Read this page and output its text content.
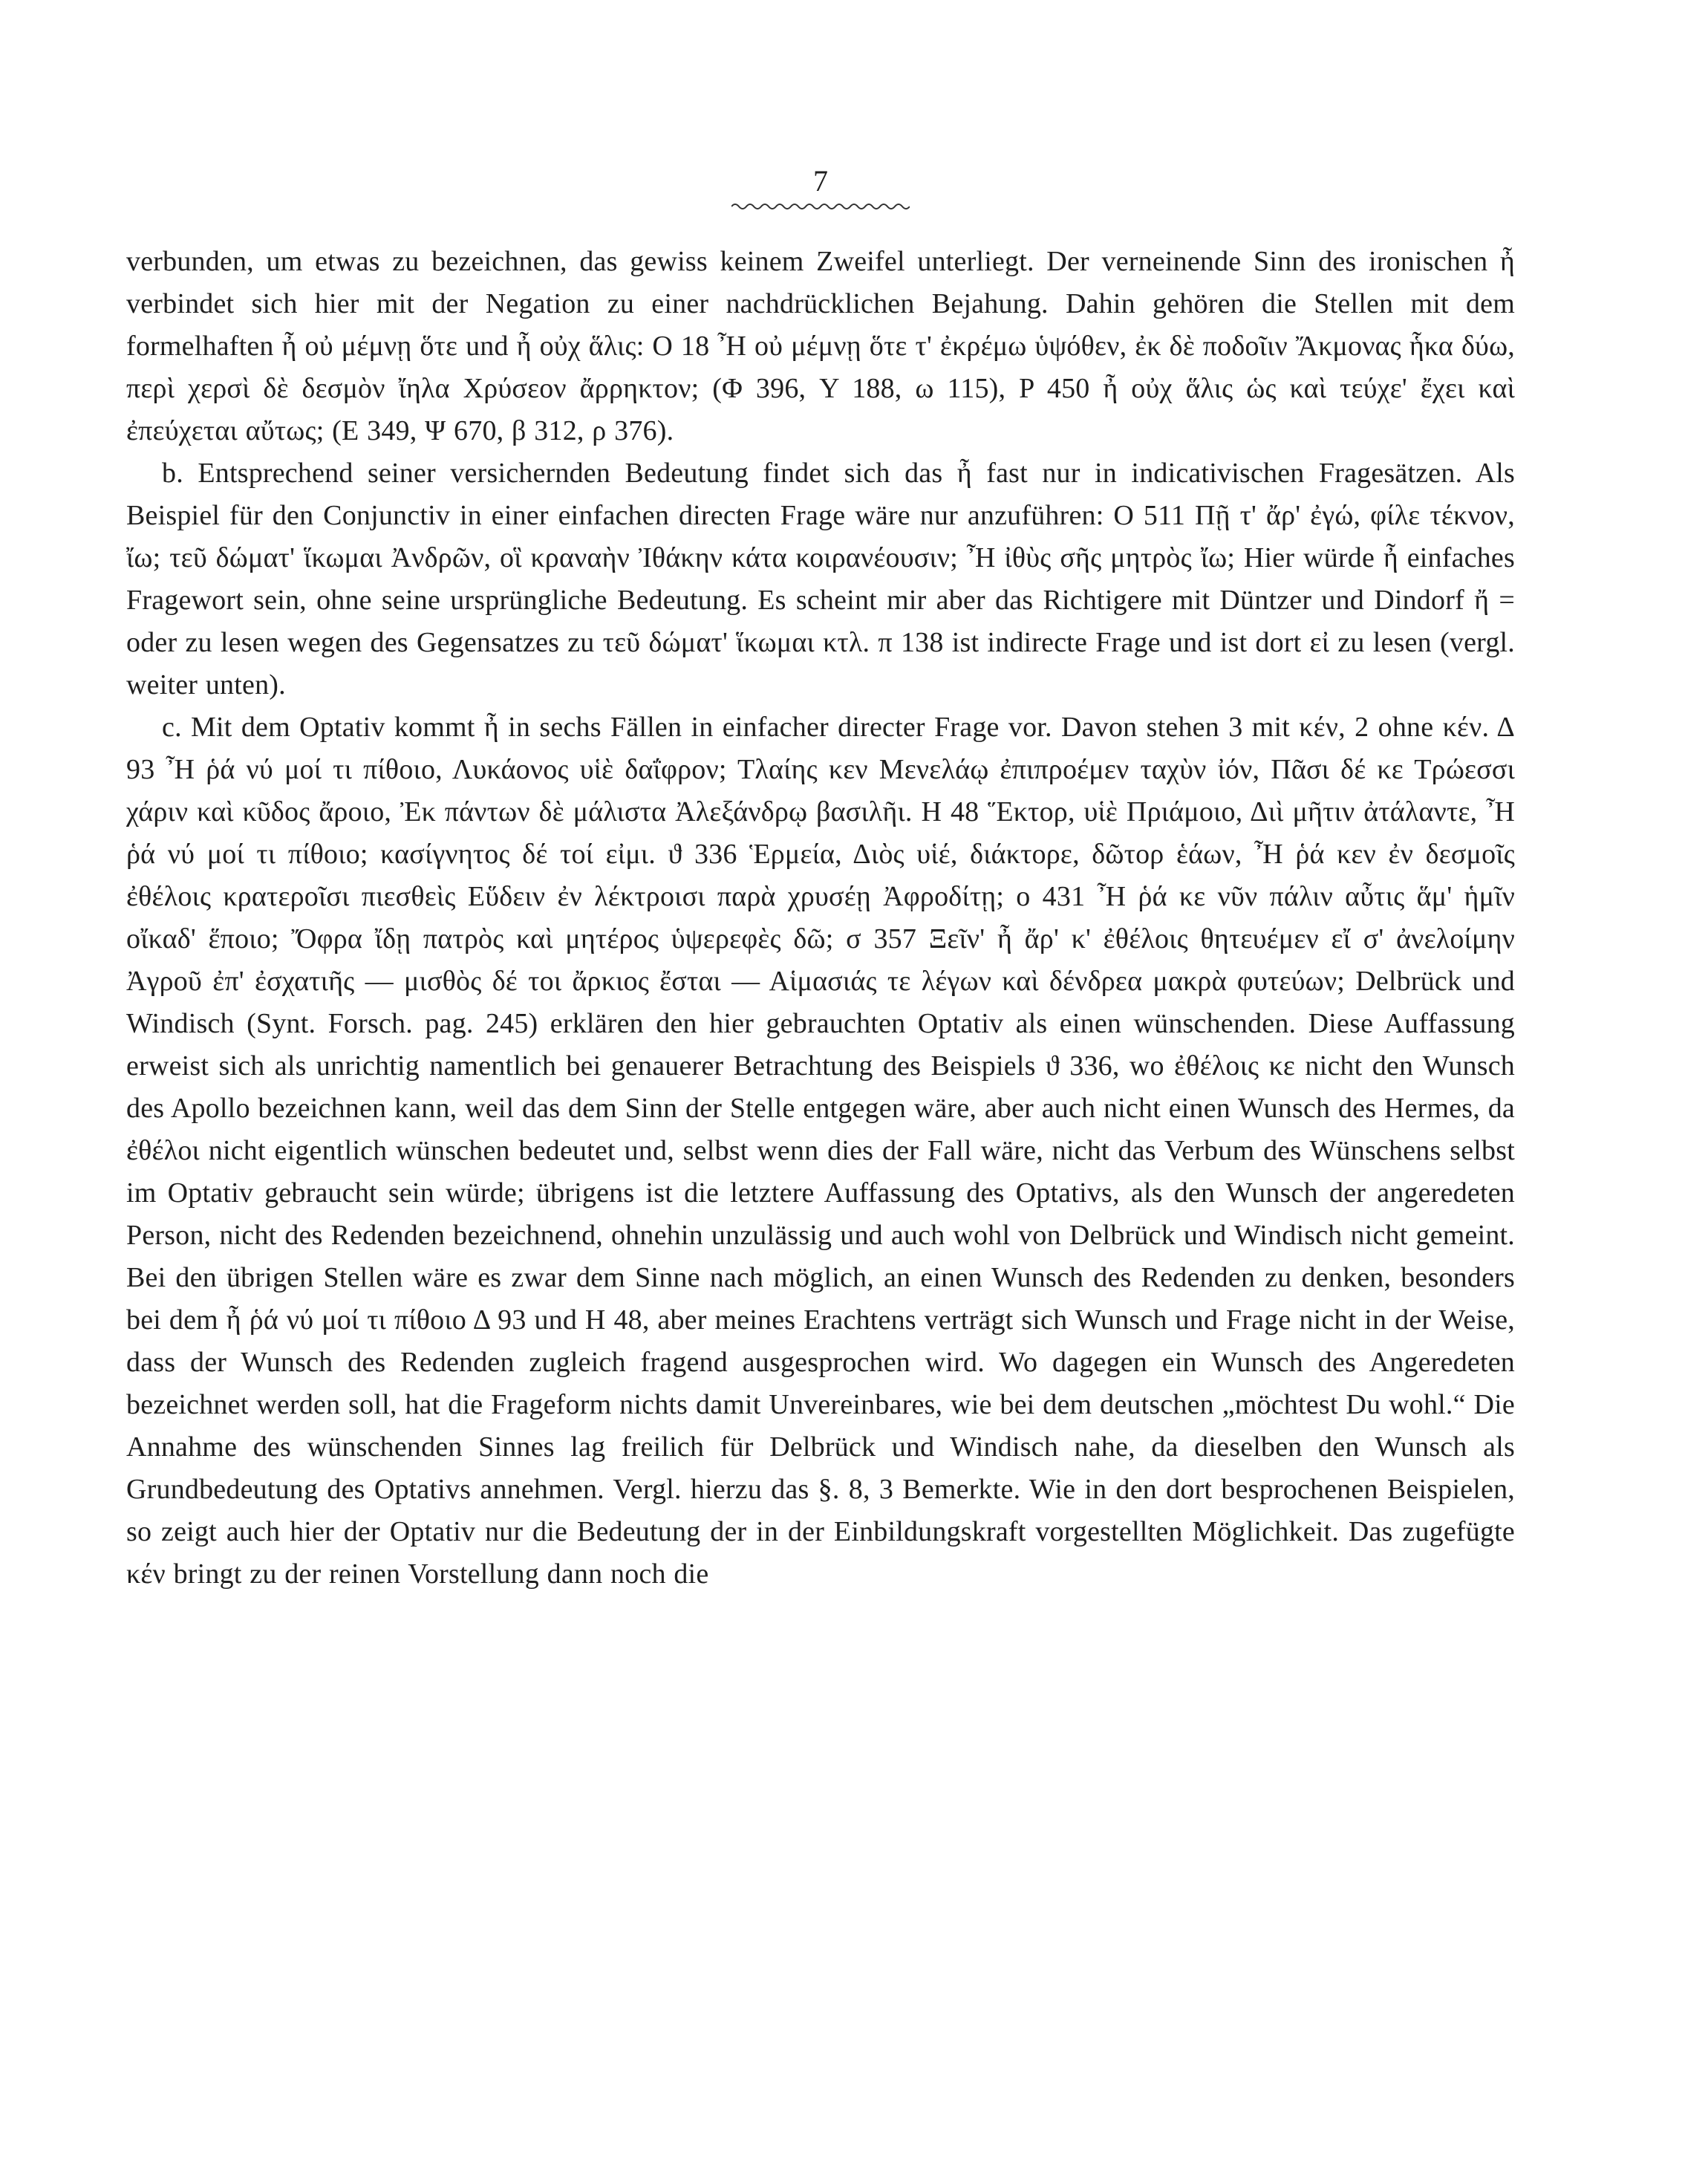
7

verbunden, um etwas zu bezeichnen, das gewiss keinem Zweifel unterliegt. Der verneinende Sinn des ironischen ἦ verbindet sich hier mit der Negation zu einer nachdrücklichen Bejahung. Dahin gehören die Stellen mit dem formelhaften ἦ οὐ μέμνῃ ὅτε und ἦ οὐχ ἅλις: O 18 Ἦ οὐ μέμνῃ ὅτε τ' ἐκρέμω ὑψόθεν, ἐκ δὲ ποδοῖιν Ἄκμονας ἧκα δύω, περὶ χερσὶ δὲ δεσμὸν ἴηλα Χρύσεον ἄρρηκτον; (Φ 396, Y 188, ω 115), P 450 ἦ οὐχ ἅλις ὡς καὶ τεύχε' ἔχει καὶ ἐπεύχεται αὔτως; (E 349, Ψ 670, β 312, ρ 376).

b. Entsprechend seiner versichernden Bedeutung findet sich das ἦ fast nur in indicativischen Fragesätzen. Als Beispiel für den Conjunctiv in einer einfachen directen Frage wäre nur anzuführen: O 511 Πῇ τ' ἄρ' ἐγώ, φίλε τέκνον, ἴω; τεῦ δώματ' ἵκωμαι Ἀνδρῶν, οἳ κραναὴν Ἰθάκην κάτα κοιρανέουσιν; Ἦ ἰθὺς σῆς μητρὸς ἴω; Hier würde ἦ einfaches Fragewort sein, ohne seine ursprüngliche Bedeutung. Es scheint mir aber das Richtigere mit Düntzer und Dindorf ἤ = oder zu lesen wegen des Gegensatzes zu τεῦ δώματ' ἵκωμαι κτλ. π 138 ist indirecte Frage und ist dort εἰ zu lesen (vergl. weiter unten).

c. Mit dem Optativ kommt ἦ in sechs Fällen in einfacher directer Frage vor. Davon stehen 3 mit κέν, 2 ohne κέν. Δ 93 Ἦ ῥά νύ μοί τι πίθοιο, Λυκάονος υἱὲ δαΐφρον; Τλαίης κεν Μενελάῳ ἐπιπροέμεν ταχὺν ἰόν, Πᾶσι δέ κε Τρώεσσι χάριν καὶ κῦδος ἄροιο, Ἐκ πάντων δὲ μάλιστα Ἀλεξάνδρῳ βασιλῆι. H 48 Ἕκτορ, υἱὲ Πριάμοιο, Διὶ μῆτιν ἀτάλαντε, Ἦ ῥά νύ μοί τι πίθοιο; κασίγνητος δέ τοί εἰμι. ϑ 336 Ἑρμεία, Διὸς υἱέ, διάκτορε, δῶτορ ἑάων, Ἦ ῥά κεν ἐν δεσμοῖς ἐθέλοις κρατεροῖσι πιεσθεὶς Εὕδειν ἐν λέκτροισι παρὰ χρυσέῃ Ἀφροδίτῃ; o 431 Ἦ ῥά κε νῦν πάλιν αὖτις ἅμ' ἡμῖν οἴκαδ' ἕποιο; Ὄφρα ἴδῃ πατρὸς καὶ μητέρος ὑψερεφὲς δῶ; σ 357 Ξεῖν' ἦ ἄρ' κ' ἐθέλοις θητευέμεν εἴ σ' ἀνελοίμην Ἀγροῦ ἐπ' ἐσχατιῆς — μισθὸς δέ τοι ἄρκιος ἔσται — Αἱμασιάς τε λέγων καὶ δένδρεα μακρὰ φυτεύων; Delbrück und Windisch (Synt. Forsch. pag. 245) erklären den hier gebrauchten Optativ als einen wünschenden. Diese Auffassung erweist sich als unrichtig namentlich bei genauerer Betrachtung des Beispiels ϑ 336, wo ἐθέλοις κε nicht den Wunsch des Apollo bezeichnen kann, weil das dem Sinn der Stelle entgegen wäre, aber auch nicht einen Wunsch des Hermes, da ἐθέλοι nicht eigentlich wünschen bedeutet und, selbst wenn dies der Fall wäre, nicht das Verbum des Wünschens selbst im Optativ gebraucht sein würde; übrigens ist die letztere Auffassung des Optativs, als den Wunsch der angeredeten Person, nicht des Redenden bezeichnend, ohnehin unzulässig und auch wohl von Delbrück und Windisch nicht gemeint. Bei den übrigen Stellen wäre es zwar dem Sinne nach möglich, an einen Wunsch des Redenden zu denken, besonders bei dem ἦ ῥά νύ μοί τι πίθοιο Δ 93 und H 48, aber meines Erachtens verträgt sich Wunsch und Frage nicht in der Weise, dass der Wunsch des Redenden zugleich fragend ausgesprochen wird. Wo dagegen ein Wunsch des Angeredeten bezeichnet werden soll, hat die Frageform nichts damit Unvereinbares, wie bei dem deutschen „möchtest Du wohl.“ Die Annahme des wünschenden Sinnes lag freilich für Delbrück und Windisch nahe, da dieselben den Wunsch als Grundbedeutung des Optativs annehmen. Vergl. hierzu das §. 8, 3 Bemerkte. Wie in den dort besprochenen Beispielen, so zeigt auch hier der Optativ nur die Bedeutung der in der Einbildungskraft vorgestellten Möglichkeit. Das zugefügte κέν bringt zu der reinen Vorstellung dann noch die
